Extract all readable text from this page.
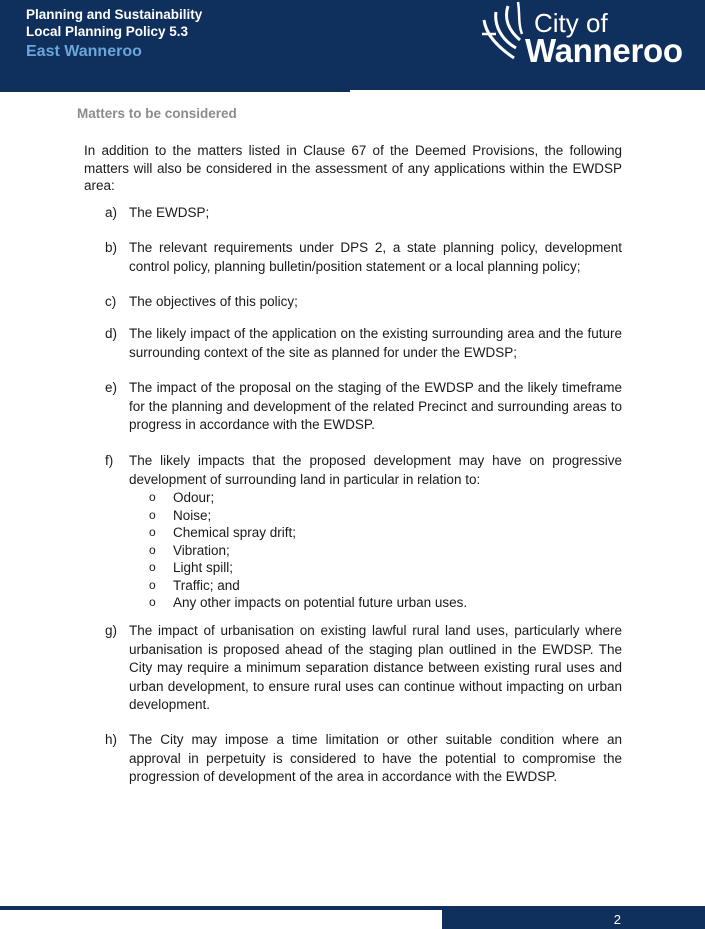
Planning and Sustainability
Local Planning Policy 5.3
East Wanneroo
City of
Wanneroo
Matters to be considered
In addition to the matters listed in Clause 67 of the Deemed Provisions, the following matters will also be considered in the assessment of any applications within the EWDSP area:
a) The EWDSP;
b) The relevant requirements under DPS 2, a state planning policy, development control policy, planning bulletin/position statement or a local planning policy;
c) The objectives of this policy;
d) The likely impact of the application on the existing surrounding area and the future surrounding context of the site as planned for under the EWDSP;
e) The impact of the proposal on the staging of the EWDSP and the likely timeframe for the planning and development of the related Precinct and surrounding areas to progress in accordance with the EWDSP.
f) The likely impacts that the proposed development may have on progressive development of surrounding land in particular in relation to:
o Odour;
o Noise;
o Chemical spray drift;
o Vibration;
o Light spill;
o Traffic; and
o Any other impacts on potential future urban uses.
g) The impact of urbanisation on existing lawful rural land uses, particularly where urbanisation is proposed ahead of the staging plan outlined in the EWDSP. The City may require a minimum separation distance between existing rural uses and urban development, to ensure rural uses can continue without impacting on urban development.
h) The City may impose a time limitation or other suitable condition where an approval in perpetuity is considered to have the potential to compromise the progression of development of the area in accordance with the EWDSP.
2
